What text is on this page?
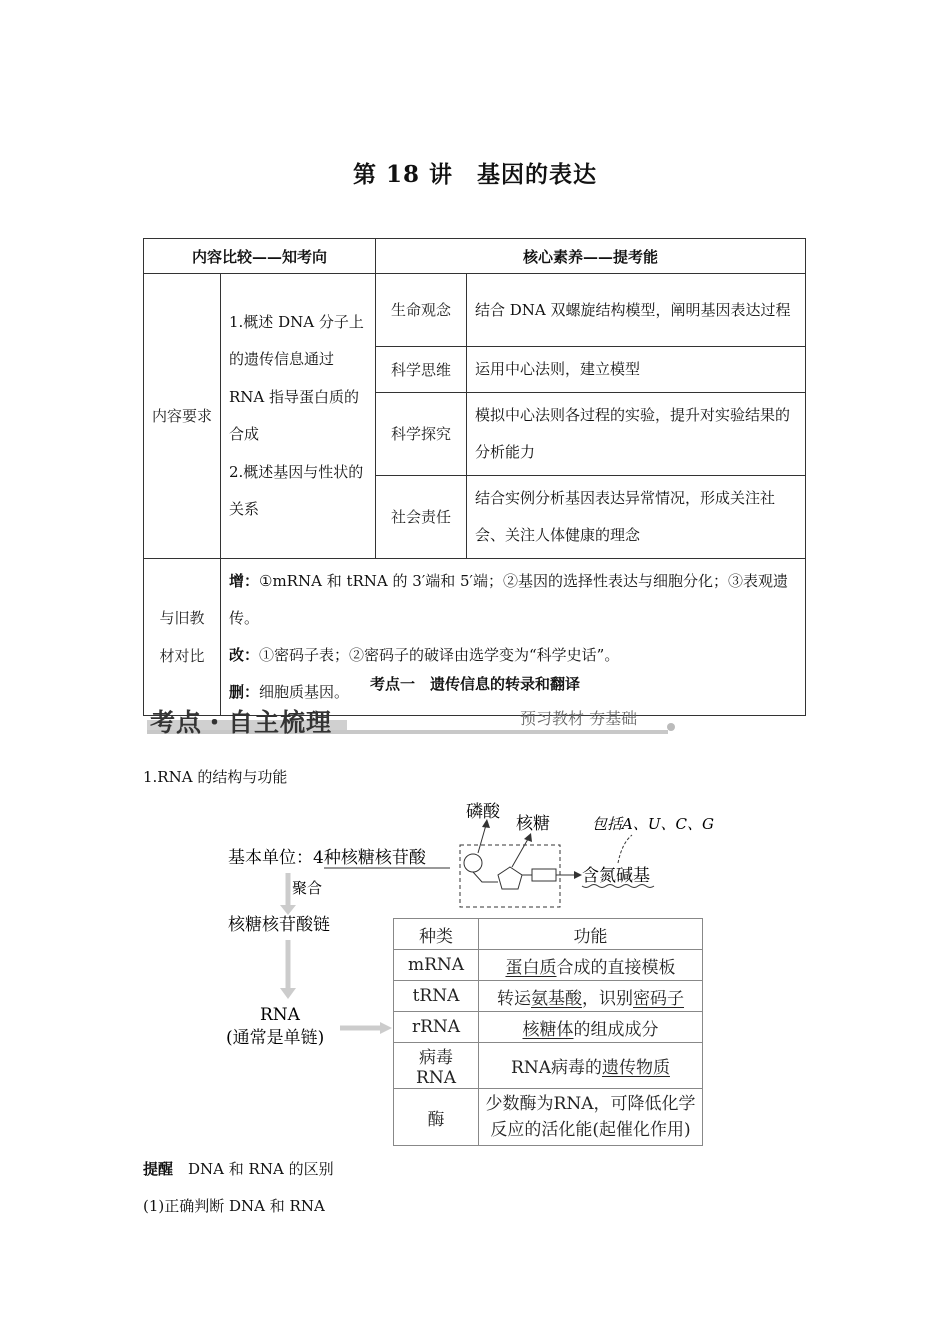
第 18 讲　基因的表达
内容比较——知考向		核心素养——提考能	
内容要求	1.概述 DNA 分子上的遗传信息通过 RNA 指导蛋白质的合成
2.概述基因与性状的关系	生命观念	结合 DNA 双螺旋结构模型，阐明基因表达过程
		科学思维	运用中心法则，建立模型
		科学探究	模拟中心法则各过程的实验，提升对实验结果的分析能力
		社会责任	结合实例分析基因表达异常情况，形成关注社会、关注人体健康的理念
与旧教材对比	增：①mRNA 和 tRNA 的 3′端和 5′端；②基因的选择性表达与细胞分化；③表观遗传。
改：①密码子表；②密码子的破译由选学变为“科学史话”。
删：细胞质基因。			考点一　遗传信息的转录和翻译
考点・自主梳理	预习教材 夯基础
1.RNA 的结构与功能
基本单位：4种核糖核苷酸
聚合
核糖核苷酸链
RNA
(通常是单链)
磷酸
核糖
含氮碱基
包括A、U、C、G
种类	功能
mRNA	蛋白质合成的直接模板
tRNA	转运氨基酸，识别密码子
rRNA	核糖体的组成成分
病毒RNA	RNA病毒的遗传物质
酶	少数酶为RNA，可降低化学
反应的活化能(起催化作用)
提醒　 DNA 和 RNA 的区别
(1)正确判断 DNA 和 RNA
